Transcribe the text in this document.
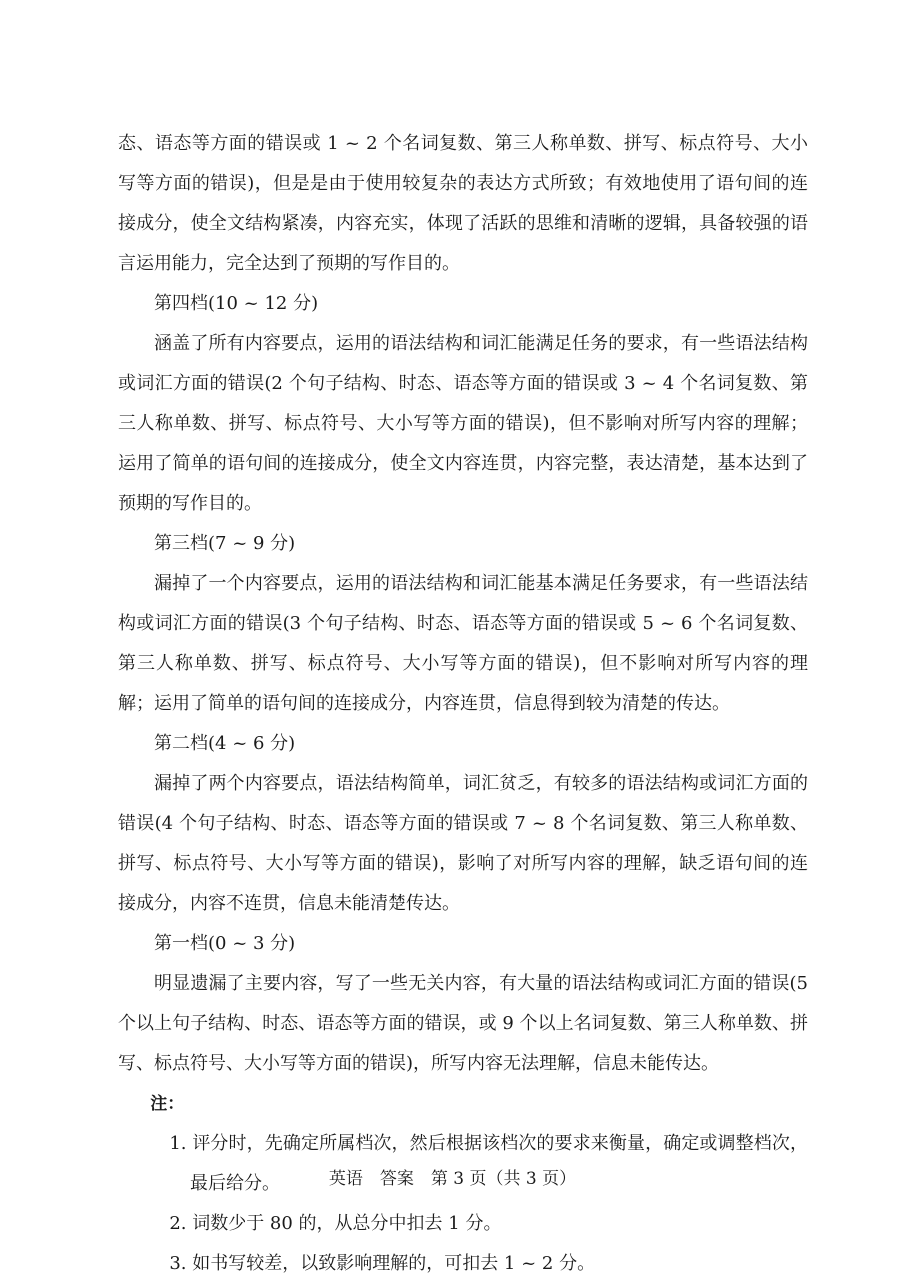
态、语态等方面的错误或 1 ~ 2 个名词复数、第三人称单数、拼写、标点符号、大小写等方面的错误)，但是是由于使用较复杂的表达方式所致；有效地使用了语句间的连接成分，使全文结构紧凑，内容充实，体现了活跃的思维和清晰的逻辑，具备较强的语言运用能力，完全达到了预期的写作目的。

第四档(10 ~ 12 分)

涵盖了所有内容要点，运用的语法结构和词汇能满足任务的要求，有一些语法结构或词汇方面的错误(2 个句子结构、时态、语态等方面的错误或 3 ~ 4 个名词复数、第三人称单数、拼写、标点符号、大小写等方面的错误)，但不影响对所写内容的理解；运用了简单的语句间的连接成分，使全文内容连贯，内容完整，表达清楚，基本达到了预期的写作目的。

第三档(7 ~ 9 分)

漏掉了一个内容要点，运用的语法结构和词汇能基本满足任务要求，有一些语法结构或词汇方面的错误(3 个句子结构、时态、语态等方面的错误或 5 ~ 6 个名词复数、第三人称单数、拼写、标点符号、大小写等方面的错误)，但不影响对所写内容的理解；运用了简单的语句间的连接成分，内容连贯，信息得到较为清楚的传达。

第二档(4 ~ 6 分)

漏掉了两个内容要点，语法结构简单，词汇贫乏，有较多的语法结构或词汇方面的错误(4 个句子结构、时态、语态等方面的错误或 7 ~ 8 个名词复数、第三人称单数、拼写、标点符号、大小写等方面的错误)，影响了对所写内容的理解，缺乏语句间的连接成分，内容不连贯，信息未能清楚传达。

第一档(0 ~ 3 分)

明显遗漏了主要内容，写了一些无关内容，有大量的语法结构或词汇方面的错误(5 个以上句子结构、时态、语态等方面的错误，或 9 个以上名词复数、第三人称单数、拼写、标点符号、大小写等方面的错误)，所写内容无法理解，信息未能传达。

注：

1. 评分时，先确定所属档次，然后根据该档次的要求来衡量，确定或调整档次，最后给分。

2. 词数少于 80 的，从总分中扣去 1 分。

3. 如书写较差，以致影响理解的，可扣去 1 ~ 2 分。

英语　答案　第 3 页（共 3 页）
